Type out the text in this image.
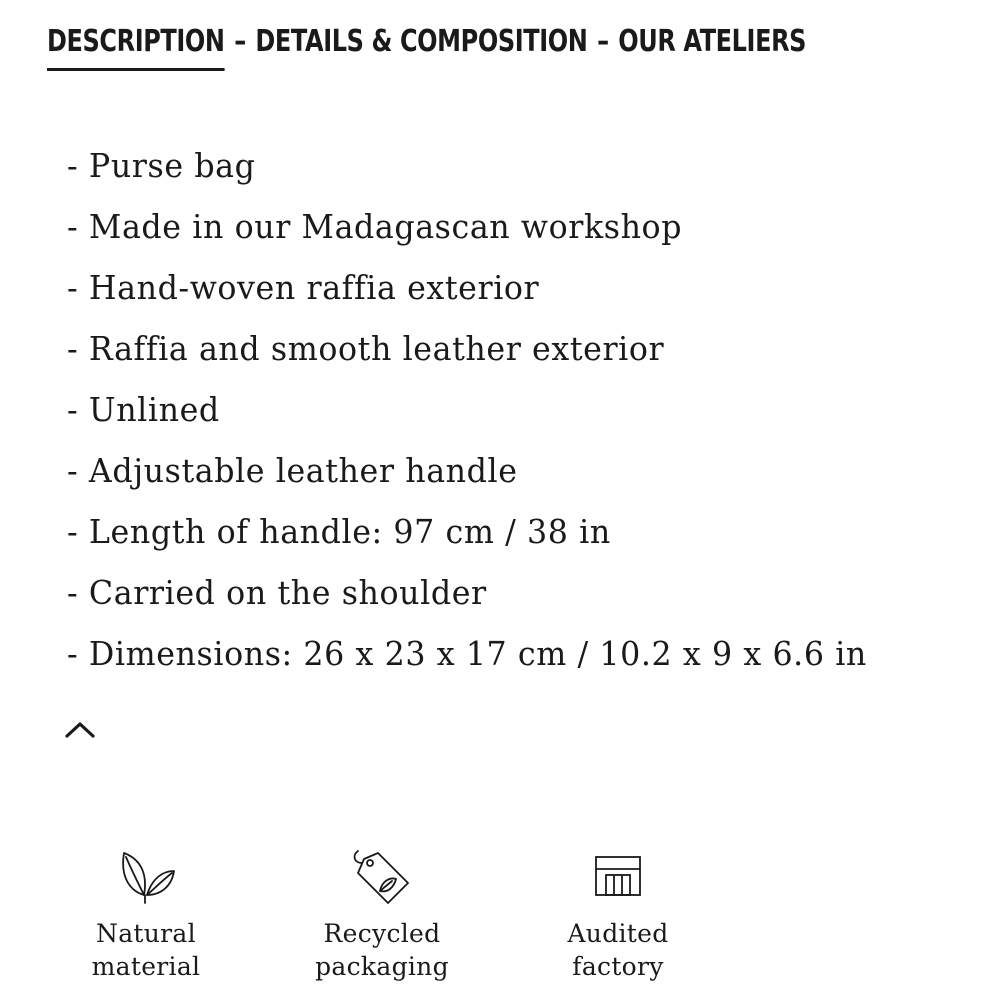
DESCRIPTION – DETAILS & COMPOSITION – OUR ATELIERS
- Purse bag
- Made in our Madagascan workshop
- Hand-woven raffia exterior
- Raffia and smooth leather exterior
- Unlined
- Adjustable leather handle
- Length of handle: 97 cm / 38 in
- Carried on the shoulder
- Dimensions: 26 x 23 x 17 cm / 10.2 x 9 x 6.6 in
Natural
material
Recycled
packaging
Audited
factory
